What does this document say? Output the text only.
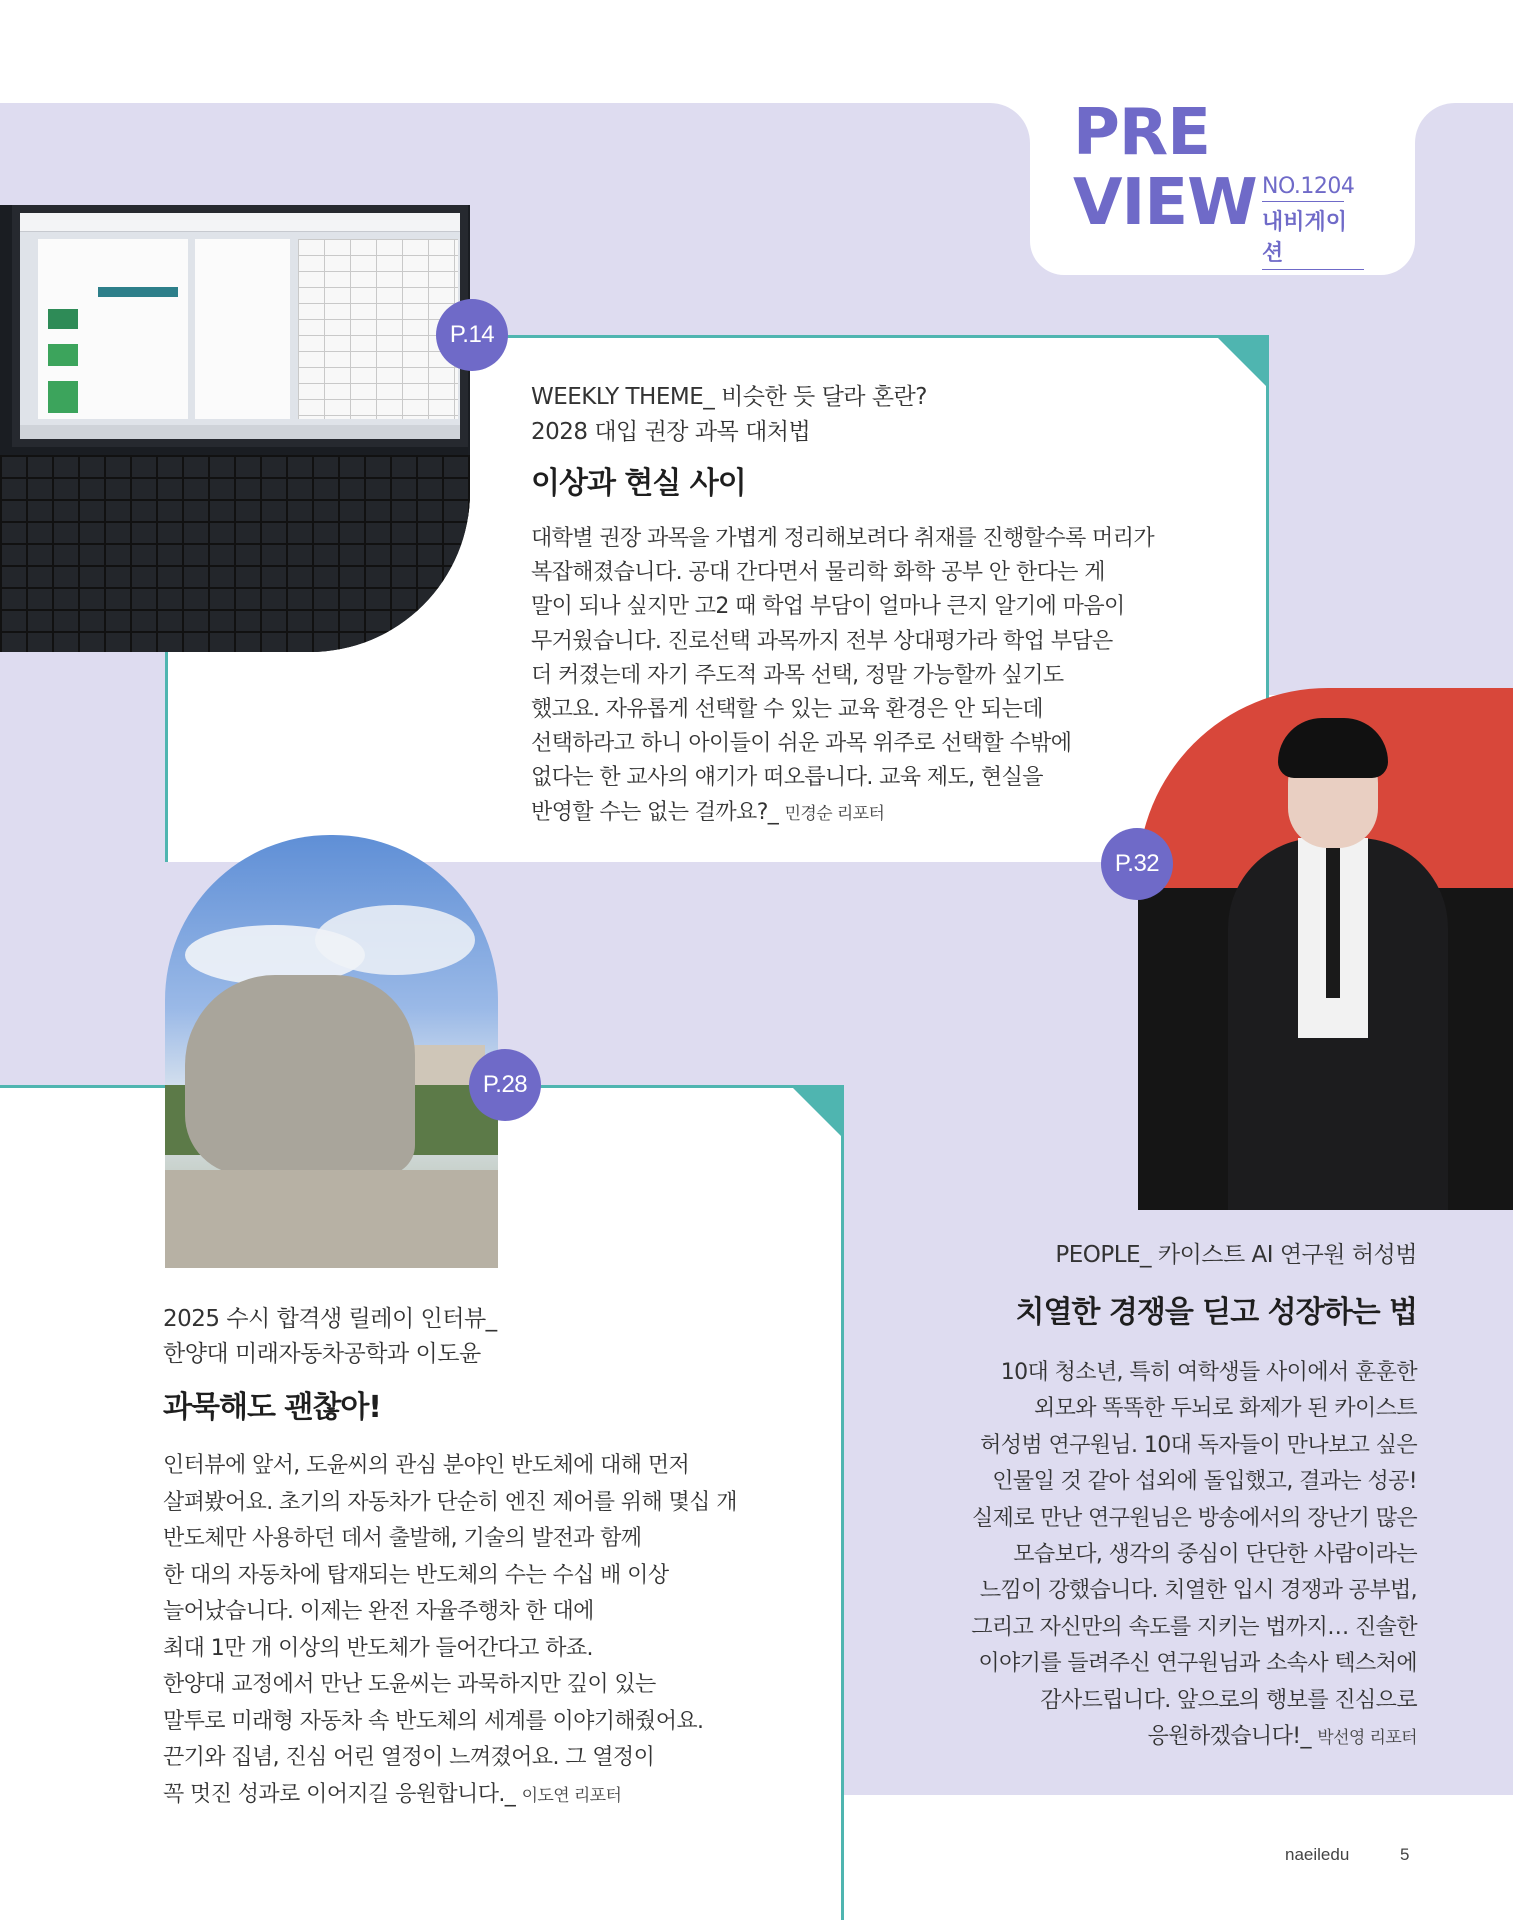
PRE
VIEW NO.1204
내비게이션
P.14
P.28
P.32
WEEKLY THEME_ 비슷한 듯 달라 혼란?
2028 대입 권장 과목 대처법
이상과 현실 사이
대학별 권장 과목을 가볍게 정리해보려다 취재를 진행할수록 머리가
복잡해졌습니다. 공대 간다면서 물리학 화학 공부 안 한다는 게
말이 되나 싶지만 고2 때 학업 부담이 얼마나 큰지 알기에 마음이
무거웠습니다. 진로선택 과목까지 전부 상대평가라 학업 부담은
더 커졌는데 자기 주도적 과목 선택, 정말 가능할까 싶기도
했고요. 자유롭게 선택할 수 있는 교육 환경은 안 되는데
선택하라고 하니 아이들이 쉬운 과목 위주로 선택할 수밖에
없다는 한 교사의 얘기가 떠오릅니다. 교육 제도, 현실을
반영할 수는 없는 걸까요?_ 민경순 리포터
2025 수시 합격생 릴레이 인터뷰_
한양대 미래자동차공학과 이도윤
과묵해도 괜찮아!
인터뷰에 앞서, 도윤씨의 관심 분야인 반도체에 대해 먼저
살펴봤어요. 초기의 자동차가 단순히 엔진 제어를 위해 몇십 개
반도체만 사용하던 데서 출발해, 기술의 발전과 함께
한 대의 자동차에 탑재되는 반도체의 수는 수십 배 이상
늘어났습니다. 이제는 완전 자율주행차 한 대에
최대 1만 개 이상의 반도체가 들어간다고 하죠.
한양대 교정에서 만난 도윤씨는 과묵하지만 깊이 있는
말투로 미래형 자동차 속 반도체의 세계를 이야기해줬어요.
끈기와 집념, 진심 어린 열정이 느껴졌어요. 그 열정이
꼭 멋진 성과로 이어지길 응원합니다._ 이도연 리포터
PEOPLE_ 카이스트 AI 연구원 허성범
치열한 경쟁을 딛고 성장하는 법
10대 청소년, 특히 여학생들 사이에서 훈훈한
외모와 똑똑한 두뇌로 화제가 된 카이스트
허성범 연구원님. 10대 독자들이 만나보고 싶은
인물일 것 같아 섭외에 돌입했고, 결과는 성공!
실제로 만난 연구원님은 방송에서의 장난기 많은
모습보다, 생각의 중심이 단단한 사람이라는
느낌이 강했습니다. 치열한 입시 경쟁과 공부법,
그리고 자신만의 속도를 지키는 법까지… 진솔한
이야기를 들려주신 연구원님과 소속사 텍스처에
감사드립니다. 앞으로의 행보를 진심으로
응원하겠습니다!_ 박선영 리포터
naeiledu	5
